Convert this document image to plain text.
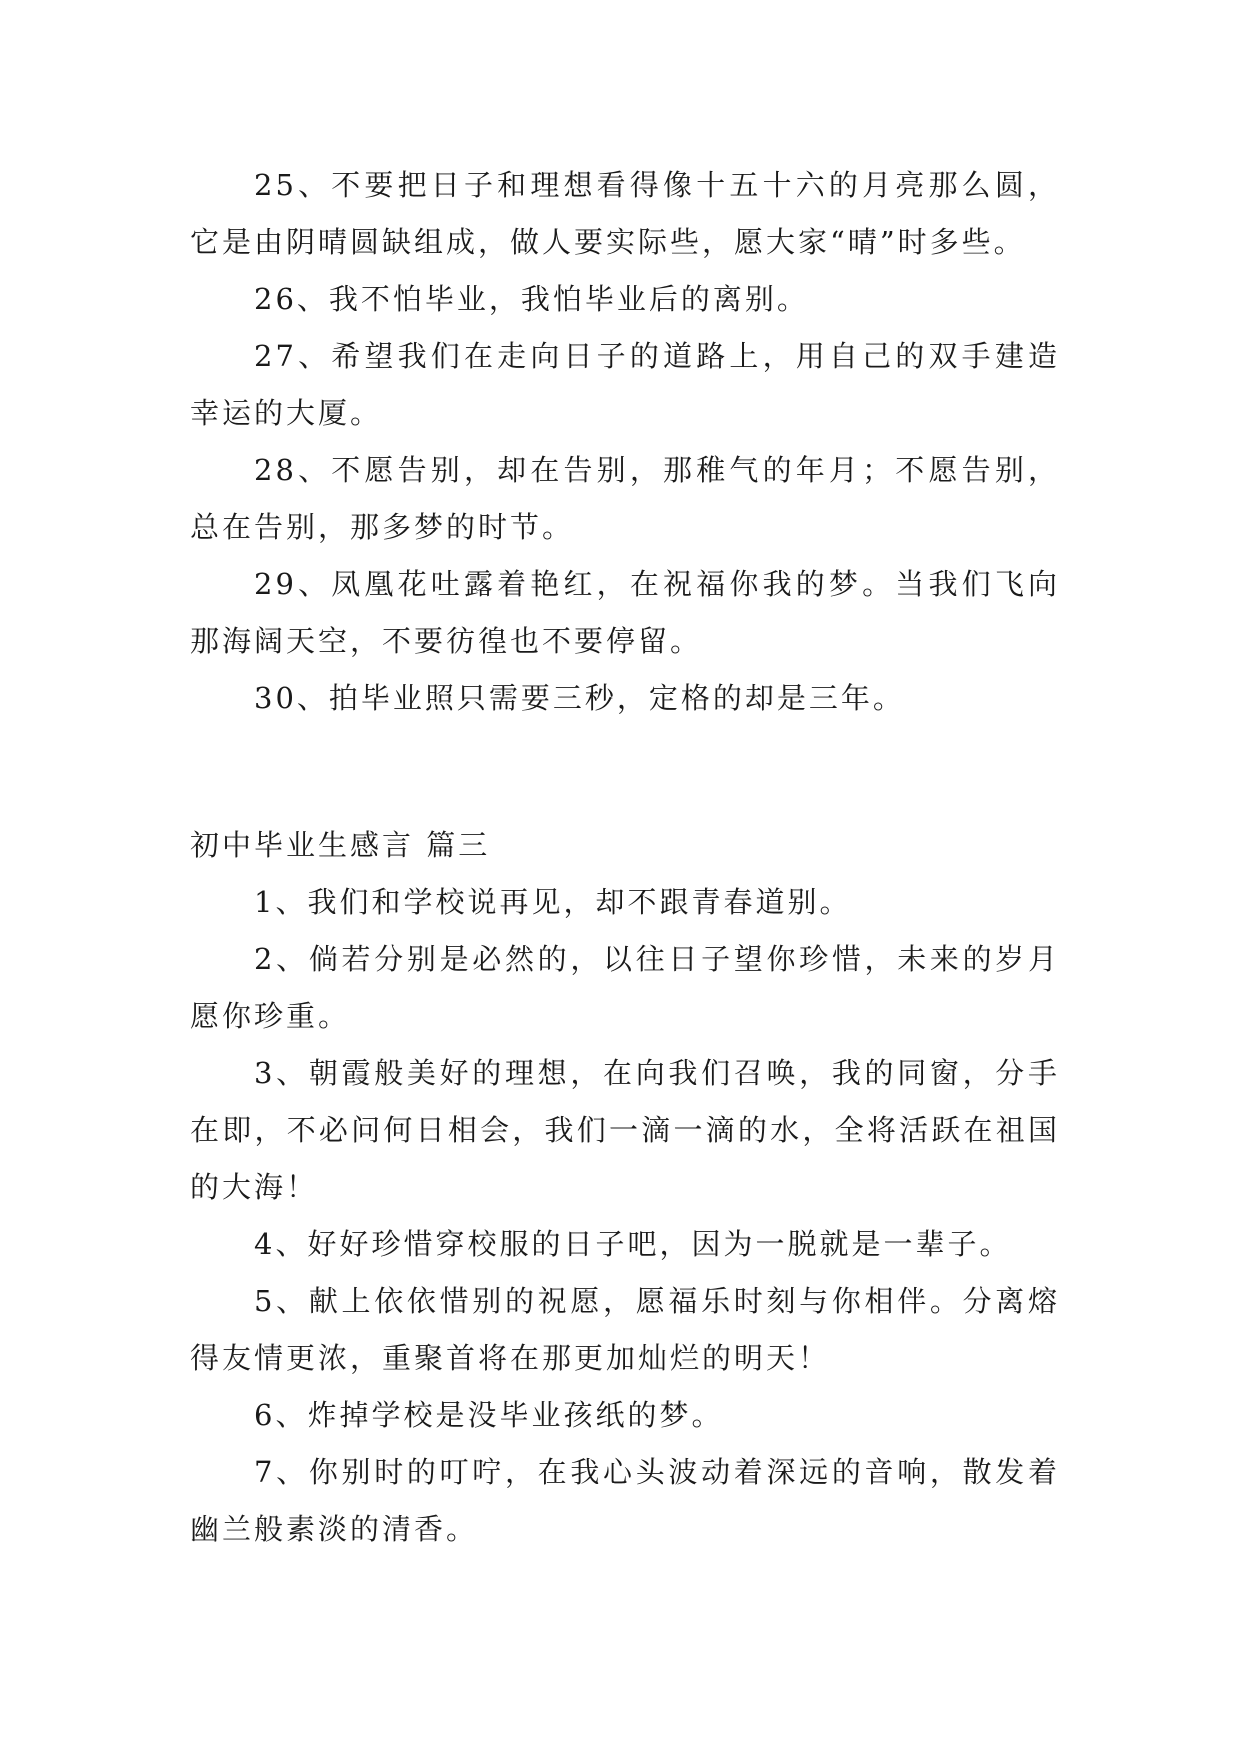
25、不要把日子和理想看得像十五十六的月亮那么圆，它是由阴晴圆缺组成，做人要实际些，愿大家“晴”时多些。

26、我不怕毕业，我怕毕业后的离别。

27、希望我们在走向日子的道路上，用自己的双手建造幸运的大厦。

28、不愿告别，却在告别，那稚气的年月；不愿告别，总在告别，那多梦的时节。

29、凤凰花吐露着艳红，在祝福你我的梦。当我们飞向那海阔天空，不要彷徨也不要停留。

30、拍毕业照只需要三秒，定格的却是三年。

初中毕业生感言 篇三

1、我们和学校说再见，却不跟青春道别。

2、倘若分别是必然的，以往日子望你珍惜，未来的岁月愿你珍重。

3、朝霞般美好的理想，在向我们召唤，我的同窗，分手在即，不必问何日相会，我们一滴一滴的水，全将活跃在祖国的大海！

4、好好珍惜穿校服的日子吧，因为一脱就是一辈子。

5、献上依依惜别的祝愿，愿福乐时刻与你相伴。分离熔得友情更浓，重聚首将在那更加灿烂的明天！

6、炸掉学校是没毕业孩纸的梦。

7、你别时的叮咛，在我心头波动着深远的音响，散发着幽兰般素淡的清香。
